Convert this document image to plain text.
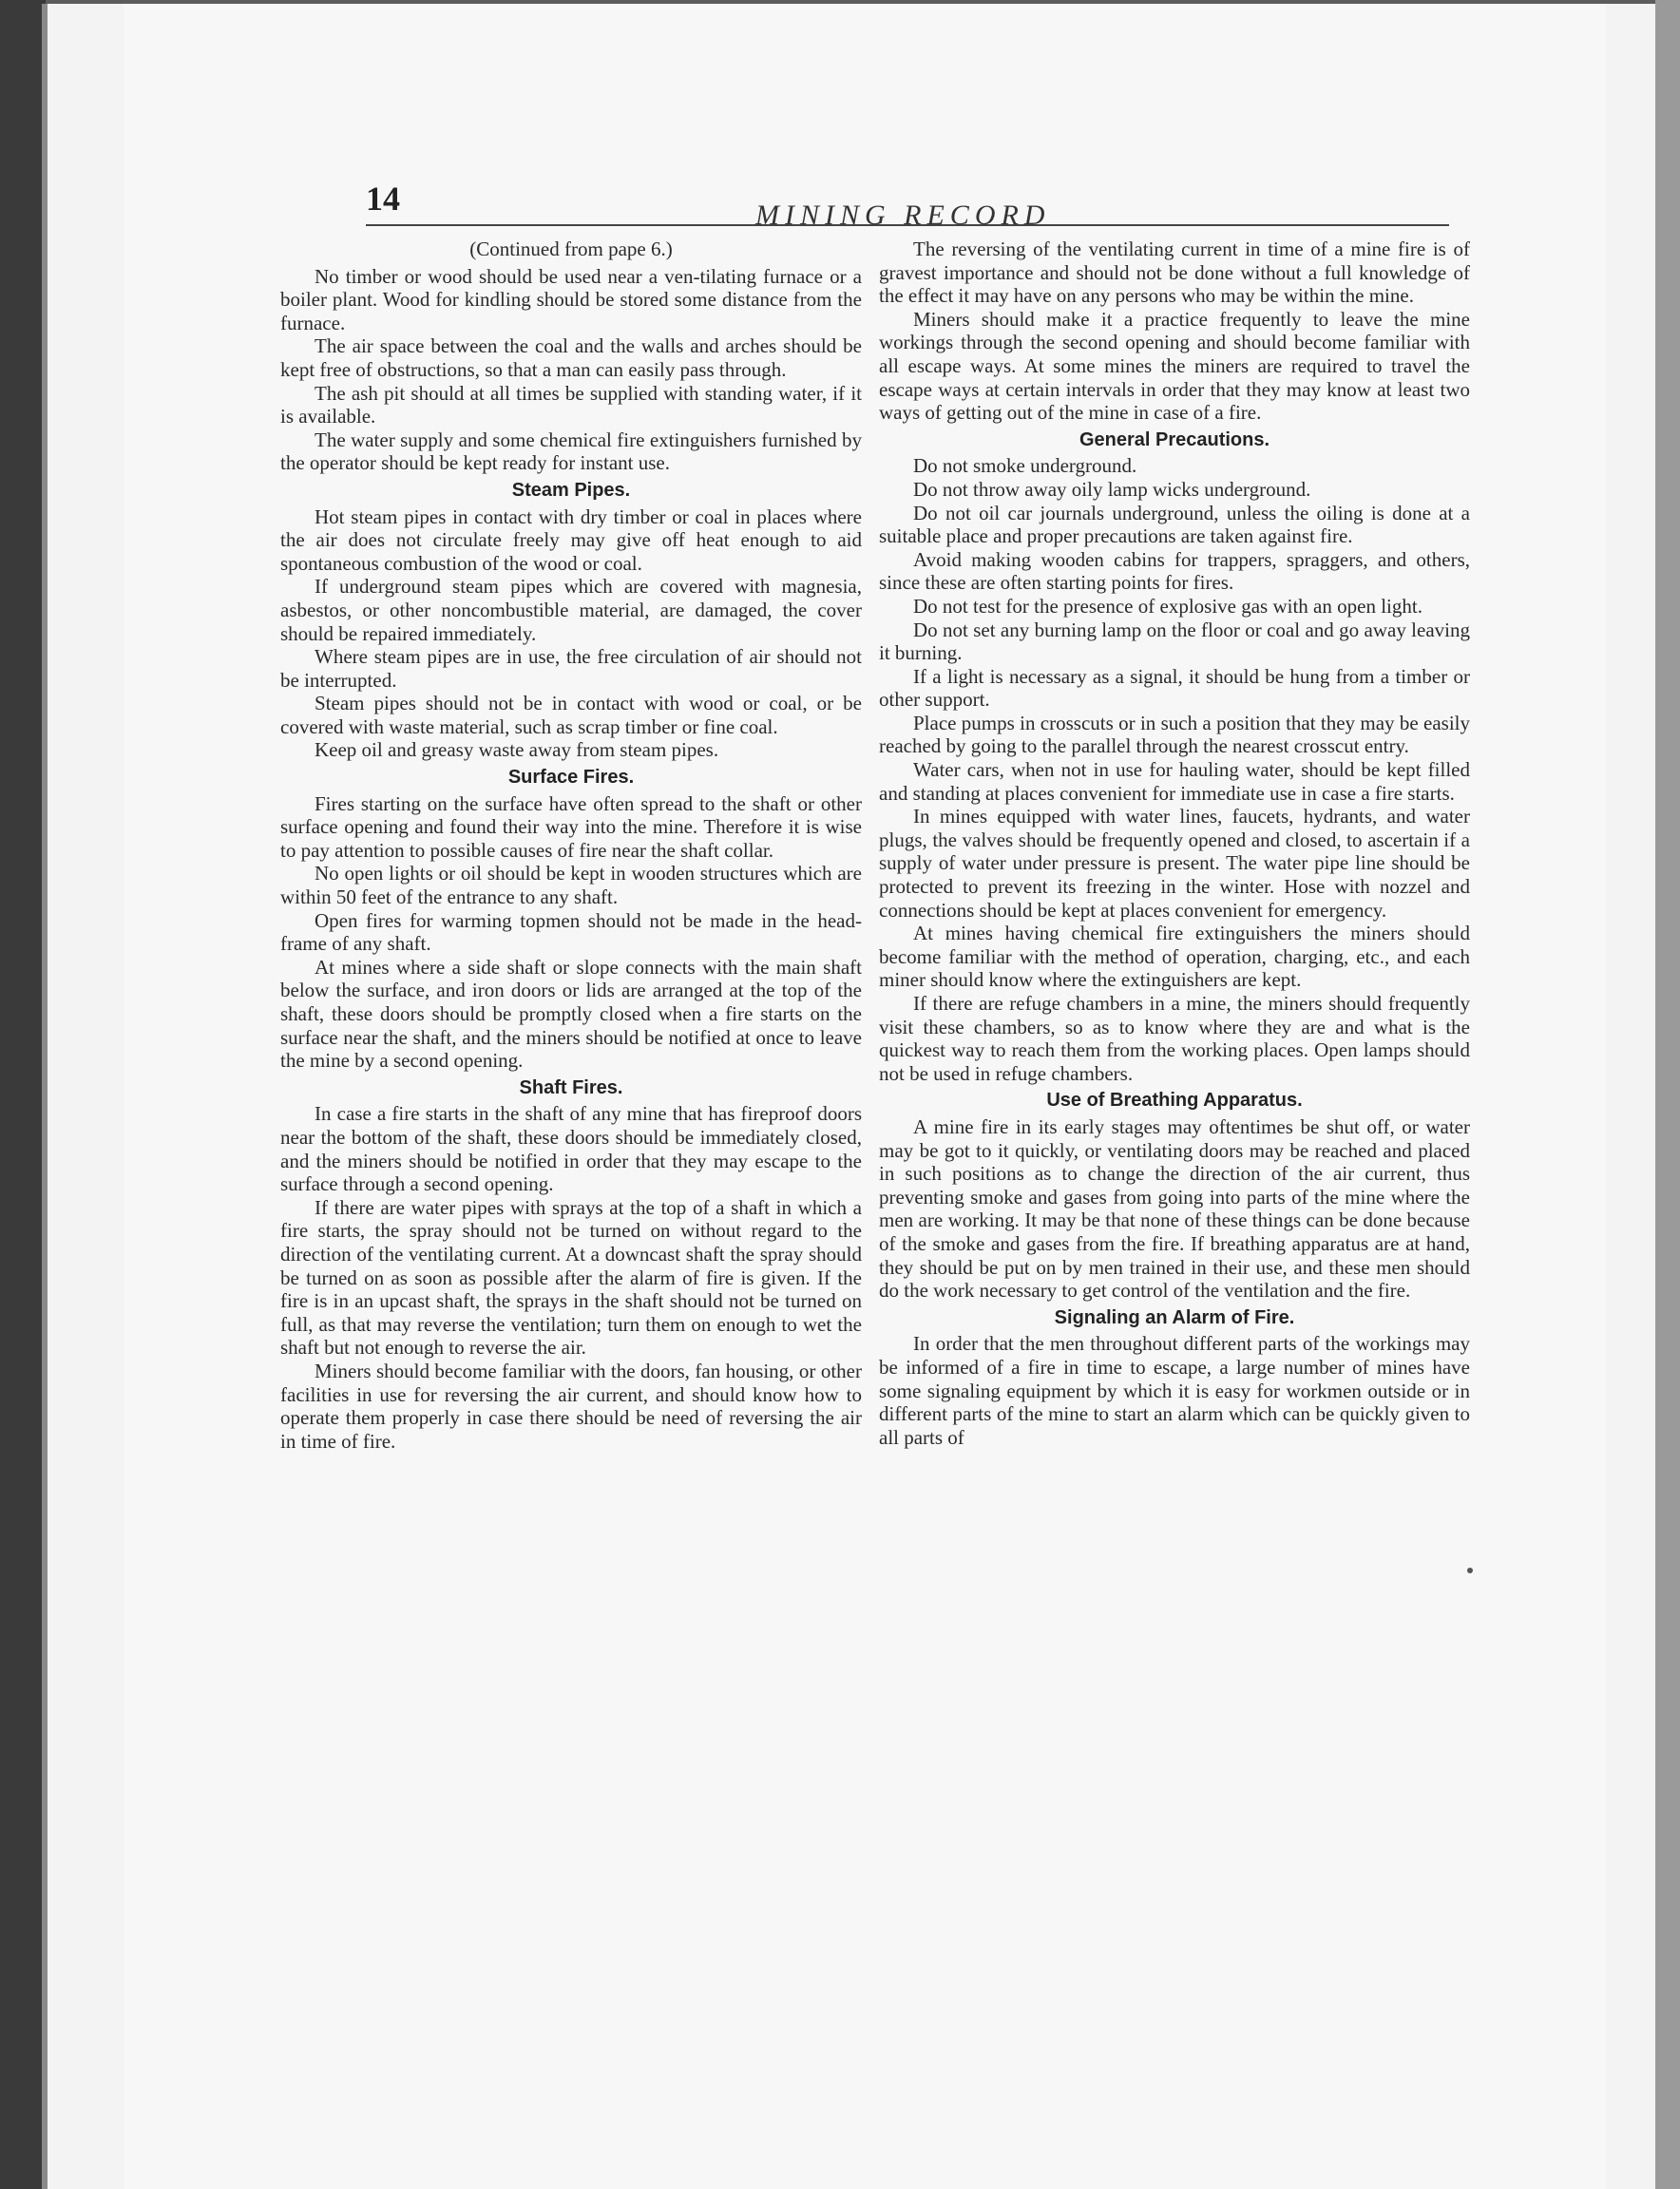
14	MINING RECORD
(Continued from pape 6.)

No timber or wood should be used near a ven-tilating furnace or a boiler plant. Wood for kindling should be stored some distance from the furnace.

The air space between the coal and the walls and arches should be kept free of obstructions, so that a man can easily pass through.

The ash pit should at all times be supplied with standing water, if it is available.

The water supply and some chemical fire extinguishers furnished by the operator should be kept ready for instant use.

Steam Pipes.

Hot steam pipes in contact with dry timber or coal in places where the air does not circulate freely may give off heat enough to aid spontaneous combustion of the wood or coal.

If underground steam pipes which are covered with magnesia, asbestos, or other noncombustible material, are damaged, the cover should be repaired immediately.

Where steam pipes are in use, the free circulation of air should not be interrupted.

Steam pipes should not be in contact with wood or coal, or be covered with waste material, such as scrap timber or fine coal.

Keep oil and greasy waste away from steam pipes.

Surface Fires.

Fires starting on the surface have often spread to the shaft or other surface opening and found their way into the mine. Therefore it is wise to pay attention to possible causes of fire near the shaft collar.

No open lights or oil should be kept in wooden structures which are within 50 feet of the entrance to any shaft.

Open fires for warming topmen should not be made in the head-frame of any shaft.

At mines where a side shaft or slope connects with the main shaft below the surface, and iron doors or lids are arranged at the top of the shaft, these doors should be promptly closed when a fire starts on the surface near the shaft, and the miners should be notified at once to leave the mine by a second opening.

Shaft Fires.

In case a fire starts in the shaft of any mine that has fireproof doors near the bottom of the shaft, these doors should be immediately closed, and the miners should be notified in order that they may escape to the surface through a second opening.

If there are water pipes with sprays at the top of a shaft in which a fire starts, the spray should not be turned on without regard to the direction of the ventilating current. At a downcast shaft the spray should be turned on as soon as possible after the alarm of fire is given. If the fire is in an upcast shaft, the sprays in the shaft should not be turned on full, as that may reverse the ventilation; turn them on enough to wet the shaft but not enough to reverse the air.

Miners should become familiar with the doors, fan housing, or other facilities in use for reversing the air current, and should know how to operate them properly in case there should be need of reversing the air in time of fire.

The reversing of the ventilating current in time of a mine fire is of gravest importance and should not be done without a full knowledge of the effect it may have on any persons who may be within the mine.

Miners should make it a practice frequently to leave the mine workings through the second opening and should become familiar with all escape ways. At some mines the miners are required to travel the escape ways at certain intervals in order that they may know at least two ways of getting out of the mine in case of a fire.

General Precautions.

Do not smoke underground.

Do not throw away oily lamp wicks underground.

Do not oil car journals underground, unless the oiling is done at a suitable place and proper precautions are taken against fire.

Avoid making wooden cabins for trappers, spraggers, and others, since these are often starting points for fires.

Do not test for the presence of explosive gas with an open light.

Do not set any burning lamp on the floor or coal and go away leaving it burning.

If a light is necessary as a signal, it should be hung from a timber or other support.

Place pumps in crosscuts or in such a position that they may be easily reached by going to the parallel through the nearest crosscut entry.

Water cars, when not in use for hauling water, should be kept filled and standing at places convenient for immediate use in case a fire starts.

In mines equipped with water lines, faucets, hydrants, and water plugs, the valves should be frequently opened and closed, to ascertain if a supply of water under pressure is present. The water pipe line should be protected to prevent its freezing in the winter. Hose with nozzel and connections should be kept at places convenient for emergency.

At mines having chemical fire extinguishers the miners should become familiar with the method of operation, charging, etc., and each miner should know where the extinguishers are kept.

If there are refuge chambers in a mine, the miners should frequently visit these chambers, so as to know where they are and what is the quickest way to reach them from the working places. Open lamps should not be used in refuge chambers.

Use of Breathing Apparatus.

A mine fire in its early stages may oftentimes be shut off, or water may be got to it quickly, or ventilating doors may be reached and placed in such positions as to change the direction of the air current, thus preventing smoke and gases from going into parts of the mine where the men are working. It may be that none of these things can be done because of the smoke and gases from the fire. If breathing apparatus are at hand, they should be put on by men trained in their use, and these men should do the work necessary to get control of the ventilation and the fire.

Signaling an Alarm of Fire.

In order that the men throughout different parts of the workings may be informed of a fire in time to escape, a large number of mines have some signaling equipment by which it is easy for workmen outside or in different parts of the mine to start an alarm which can be quickly given to all parts of
